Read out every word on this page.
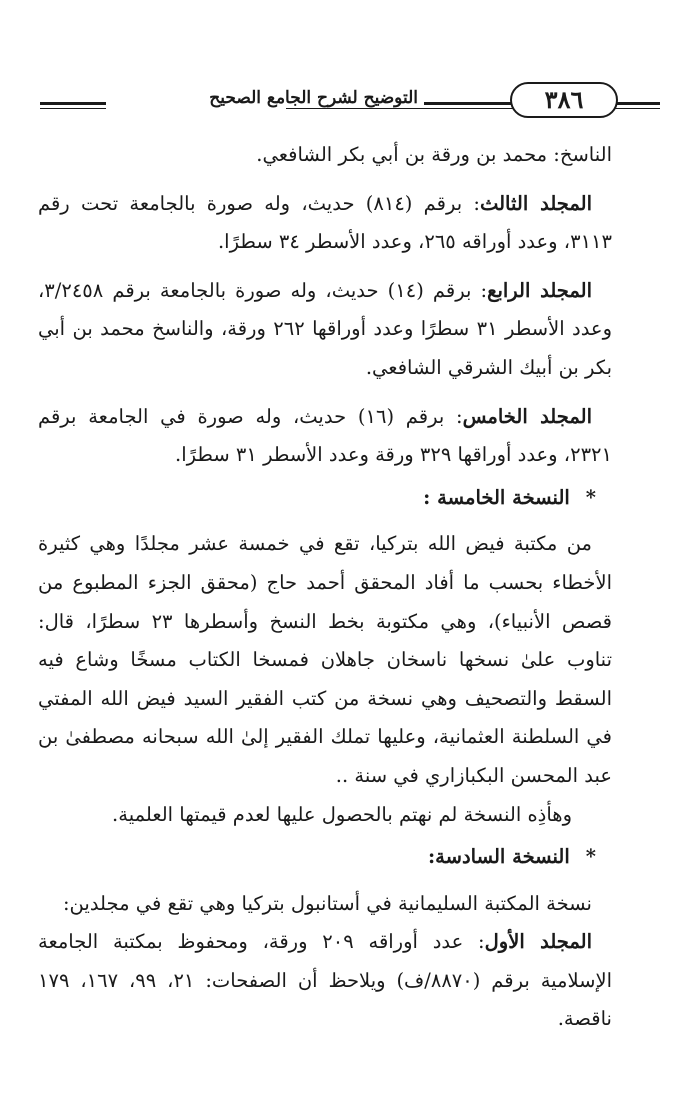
التوضيح لشرح الجامع الصحيح	٣٨٦

الناسخ: محمد بن ورقة بن أبي بكر الشافعي.

المجلد الثالث: برقم (٨١٤) حديث، وله صورة بالجامعة تحت رقم ٣١١٣، وعدد أوراقه ٢٦٥، وعدد الأسطر ٣٤ سطرًا.

المجلد الرابع: برقم (١٤) حديث، وله صورة بالجامعة برقم ٣/٢٤٥٨، وعدد الأسطر ٣١ سطرًا وعدد أوراقها ٢٦٢ ورقة، والناسخ محمد بن أبي بكر بن أبيك الشرقي الشافعي.

المجلد الخامس: برقم (١٦) حديث، وله صورة في الجامعة برقم ٢٣٢١، وعدد أوراقها ٣٢٩ ورقة وعدد الأسطر ٣١ سطرًا.

*النسخة الخامسة :

من مكتبة فيض الله بتركيا، تقع في خمسة عشر مجلدًا وهي كثيرة الأخطاء بحسب ما أفاد المحقق أحمد حاج (محقق الجزء المطبوع من قصص الأنبياء)، وهي مكتوبة بخط النسخ وأسطرها ٢٣ سطرًا، قال: تناوب علىٰ نسخها ناسخان جاهلان فمسخا الكتاب مسخًا وشاع فيه السقط والتصحيف وهي نسخة من كتب الفقير السيد فيض الله المفتي في السلطنة العثمانية، وعليها تملك الفقير إلىٰ الله سبحانه مصطفىٰ بن عبد المحسن البكبازاري في سنة ..

وهأذِه النسخة لم نهتم بالحصول عليها لعدم قيمتها العلمية.

*النسخة السادسة:

نسخة المكتبة السليمانية في أستانبول بتركيا وهي تقع في مجلدين:

المجلد الأول: عدد أوراقه ٢٠٩ ورقة، ومحفوظ بمكتبة الجامعة الإسلامية برقم (٨٨٧٠/ف) ويلاحظ أن الصفحات: ٢١، ٩٩، ١٦٧، ١٧٩ ناقصة.
